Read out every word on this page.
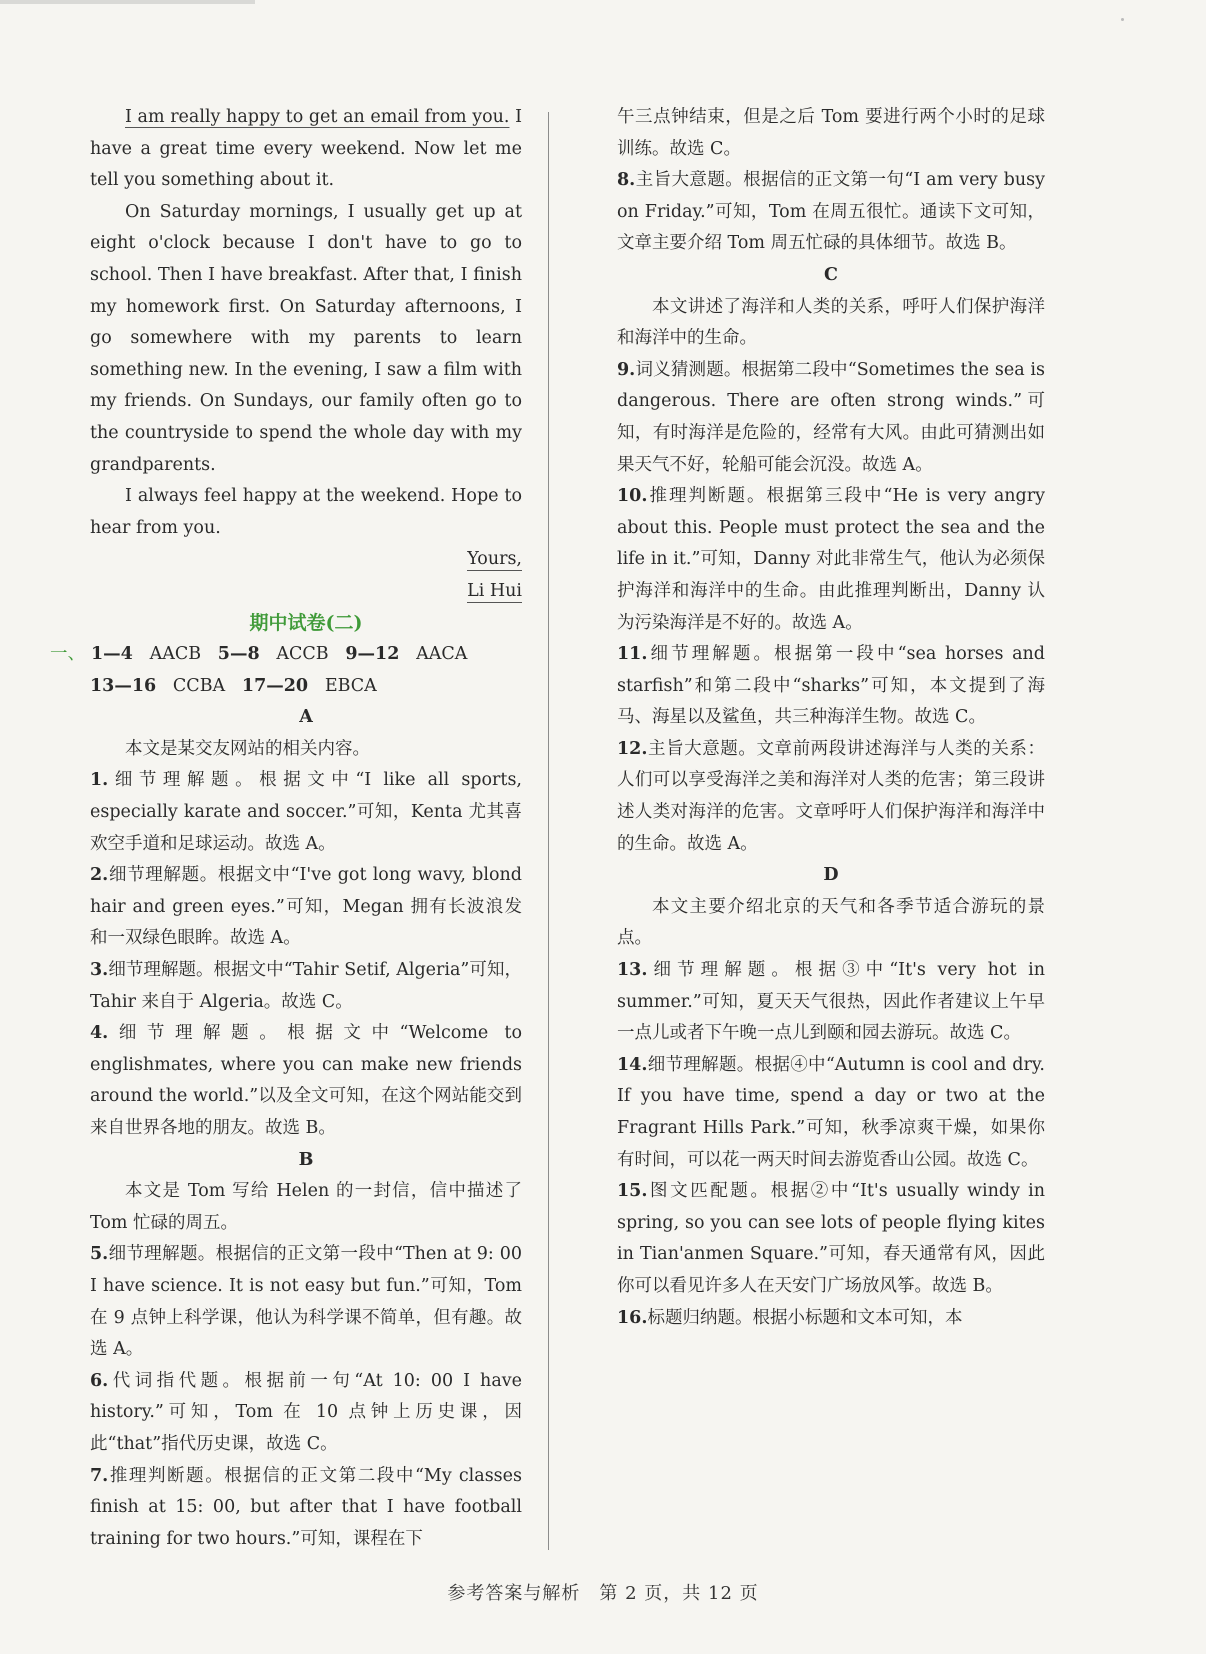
I am really happy to get an email from you. I have a great time every weekend. Now let me tell you something about it.

On Saturday mornings, I usually get up at eight o'clock because I don't have to go to school. Then I have breakfast. After that, I finish my homework first. On Saturday afternoons, I go somewhere with my parents to learn something new. In the evening, I saw a film with my friends. On Sundays, our family often go to the countryside to spend the whole day with my grandparents.

I always feel happy at the weekend. Hope to hear from you.

Yours,

Li Hui

期中试卷(二)

一、 1—4 AACB 5—8 ACCB 9—12 AACA

13—16 CCBA 17—20 EBCA

A

本文是某交友网站的相关内容。

1.细节理解题。根据文中“I like all sports, especially karate and soccer.”可知，Kenta 尤其喜欢空手道和足球运动。故选 A。

2.细节理解题。根据文中“I've got long wavy, blond hair and green eyes.”可知，Megan 拥有长波浪发和一双绿色眼眸。故选 A。

3.细节理解题。根据文中“Tahir Setif, Algeria”可知，Tahir 来自于 Algeria。故选 C。

4.细节理解题。根据文中“Welcome to englishmates, where you can make new friends around the world.”以及全文可知，在这个网站能交到来自世界各地的朋友。故选 B。

B

本文是 Tom 写给 Helen 的一封信，信中描述了 Tom 忙碌的周五。

5.细节理解题。根据信的正文第一段中“Then at 9: 00 I have science. It is not easy but fun.”可知，Tom 在 9 点钟上科学课，他认为科学课不简单，但有趣。故选 A。

6.代词指代题。根据前一句“At 10: 00 I have history.”可知，Tom 在 10 点钟上历史课，因此“that”指代历史课，故选 C。

7.推理判断题。根据信的正文第二段中“My classes finish at 15: 00, but after that I have football training for two hours.”可知，课程在下

午三点钟结束，但是之后 Tom 要进行两个小时的足球训练。故选 C。

8.主旨大意题。根据信的正文第一句“I am very busy on Friday.”可知，Tom 在周五很忙。通读下文可知，文章主要介绍 Tom 周五忙碌的具体细节。故选 B。

C

本文讲述了海洋和人类的关系，呼吁人们保护海洋和海洋中的生命。

9.词义猜测题。根据第二段中“Sometimes the sea is dangerous. There are often strong winds.”可知，有时海洋是危险的，经常有大风。由此可猜测出如果天气不好，轮船可能会沉没。故选 A。

10.推理判断题。根据第三段中“He is very angry about this. People must protect the sea and the life in it.”可知，Danny 对此非常生气，他认为必须保护海洋和海洋中的生命。由此推理判断出，Danny 认为污染海洋是不好的。故选 A。

11.细节理解题。根据第一段中“sea horses and starfish”和第二段中“sharks”可知，本文提到了海马、海星以及鲨鱼，共三种海洋生物。故选 C。

12.主旨大意题。文章前两段讲述海洋与人类的关系：人们可以享受海洋之美和海洋对人类的危害；第三段讲述人类对海洋的危害。文章呼吁人们保护海洋和海洋中的生命。故选 A。

D

本文主要介绍北京的天气和各季节适合游玩的景点。

13.细节理解题。根据③中“It's very hot in summer.”可知，夏天天气很热，因此作者建议上午早一点儿或者下午晚一点儿到颐和园去游玩。故选 C。

14.细节理解题。根据④中“Autumn is cool and dry. If you have time, spend a day or two at the Fragrant Hills Park.”可知，秋季凉爽干燥，如果你有时间，可以花一两天时间去游览香山公园。故选 C。

15.图文匹配题。根据②中“It's usually windy in spring, so you can see lots of people flying kites in Tian'anmen Square.”可知，春天通常有风，因此你可以看见许多人在天安门广场放风筝。故选 B。

16.标题归纳题。根据小标题和文本可知，本

参考答案与解析　第 2 页，共 12 页
